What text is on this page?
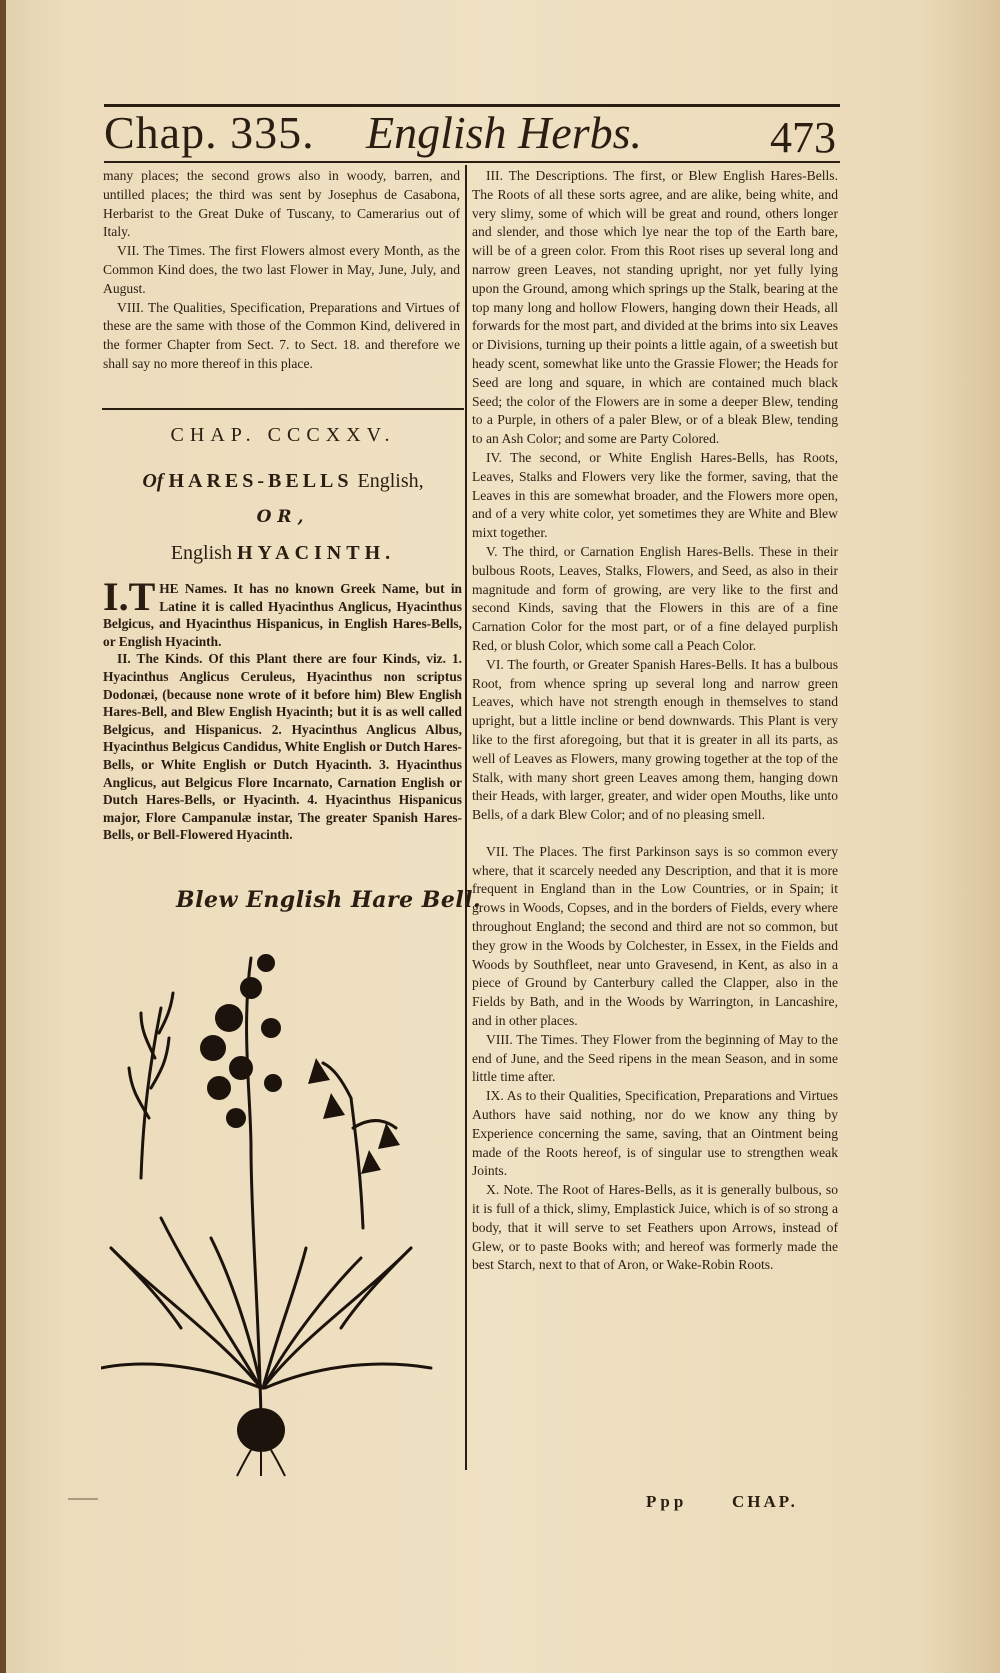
Chap. 335. English Herbs.	473

many places; the second grows also in woody, barren, and untilled places; the third was sent by Josephus de Casabona, Herbarist to the Great Duke of Tuscany, to Camerarius out of Italy.

VII. The Times. The first Flowers almost every Month, as the Common Kind does, the two last Flower in May, June, July, and August.

VIII. The Qualities, Specification, Preparations and Virtues of these are the same with those of the Common Kind, delivered in the former Chapter from Sect. 7. to Sect. 18. and therefore we shall say no more thereof in this place.

CHAP. CCCXXV.
Of HARES-BELLS English,
OR,
English HYACINTH.

I.T HE Names. It has no known Greek Name, but in Latine it is called Hyacinthus Anglicus, Hyacinthus Belgicus, and Hyacinthus Hispanicus, in English Hares-Bells, or English Hyacinth.

II. The Kinds. Of this Plant there are four Kinds, viz. 1. Hyacinthus Anglicus Ceruleus, Hyacinthus non scriptus Dodonæi, (because none wrote of it before him) Blew English Hares-Bell, and Blew English Hyacinth; but it is as well called Belgicus, and Hispanicus. 2. Hyacinthus Anglicus Albus, Hyacinthus Belgicus Candidus, White English or Dutch Hares-Bells, or White English or Dutch Hyacinth. 3. Hyacinthus Anglicus, aut Belgicus Flore Incarnato, Carnation English or Dutch Hares-Bells, or Hyacinth. 4. Hyacinthus Hispanicus major, Flore Campanulæ instar, The greater Spanish Hares-Bells, or Bell-Flowered Hyacinth.

Blew English Hare Bell.

III. The Descriptions. The first, or Blew English Hares-Bells. The Roots of all these sorts agree, and are alike, being white, and very slimy, some of which will be great and round, others longer and slender, and those which lye near the top of the Earth bare, will be of a green color. From this Root rises up several long and narrow green Leaves, not standing upright, nor yet fully lying upon the Ground, among which springs up the Stalk, bearing at the top many long and hollow Flowers, hanging down their Heads, all forwards for the most part, and divided at the brims into six Leaves or Divisions, turning up their points a little again, of a sweetish but heady scent, somewhat like unto the Grassie Flower; the Heads for Seed are long and square, in which are contained much black Seed; the color of the Flowers are in some a deeper Blew, tending to a Purple, in others of a paler Blew, or of a bleak Blew, tending to an Ash Color; and some are Party Colored.

IV. The second, or White English Hares-Bells, has Roots, Leaves, Stalks and Flowers very like the former, saving, that the Leaves in this are somewhat broader, and the Flowers more open, and of a very white color, yet sometimes they are White and Blew mixt together.

V. The third, or Carnation English Hares-Bells. These in their bulbous Roots, Leaves, Stalks, Flowers, and Seed, as also in their magnitude and form of growing, are very like to the first and second Kinds, saving that the Flowers in this are of a fine Carnation Color for the most part, or of a fine delayed purplish Red, or blush Color, which some call a Peach Color.

VI. The fourth, or Greater Spanish Hares-Bells. It has a bulbous Root, from whence spring up several long and narrow green Leaves, which have not strength enough in themselves to stand upright, but a little incline or bend downwards. This Plant is very like to the first aforegoing, but that it is greater in all its parts, as well of Leaves as Flowers, many growing together at the top of the Stalk, with many short green Leaves among them, hanging down their Heads, with larger, greater, and wider open Mouths, like unto Bells, of a dark Blew Color; and of no pleasing smell.

VII. The Places. The first Parkinson says is so common every where, that it scarcely needed any Description, and that it is more frequent in England than in the Low Countries, or in Spain; it grows in Woods, Copses, and in the borders of Fields, every where throughout England; the second and third are not so common, but they grow in the Woods by Colchester, in Essex, in the Fields and Woods by Southfleet, near unto Gravesend, in Kent, as also in a piece of Ground by Canterbury called the Clapper, also in the Fields by Bath, and in the Woods by Warrington, in Lancashire, and in other places.

VIII. The Times. They Flower from the beginning of May to the end of June, and the Seed ripens in the mean Season, and in some little time after.

IX. As to their Qualities, Specification, Preparations and Virtues Authors have said nothing, nor do we know any thing by Experience concerning the same, saving, that an Ointment being made of the Roots hereof, is of singular use to strengthen weak Joints.

X. Note. The Root of Hares-Bells, as it is generally bulbous, so it is full of a thick, slimy, Emplastick Juice, which is of so strong a body, that it will serve to set Feathers upon Arrows, instead of Glew, or to paste Books with; and hereof was formerly made the best Starch, next to that of Aron, or Wake-Robin Roots.

Ppp	CHAP.
